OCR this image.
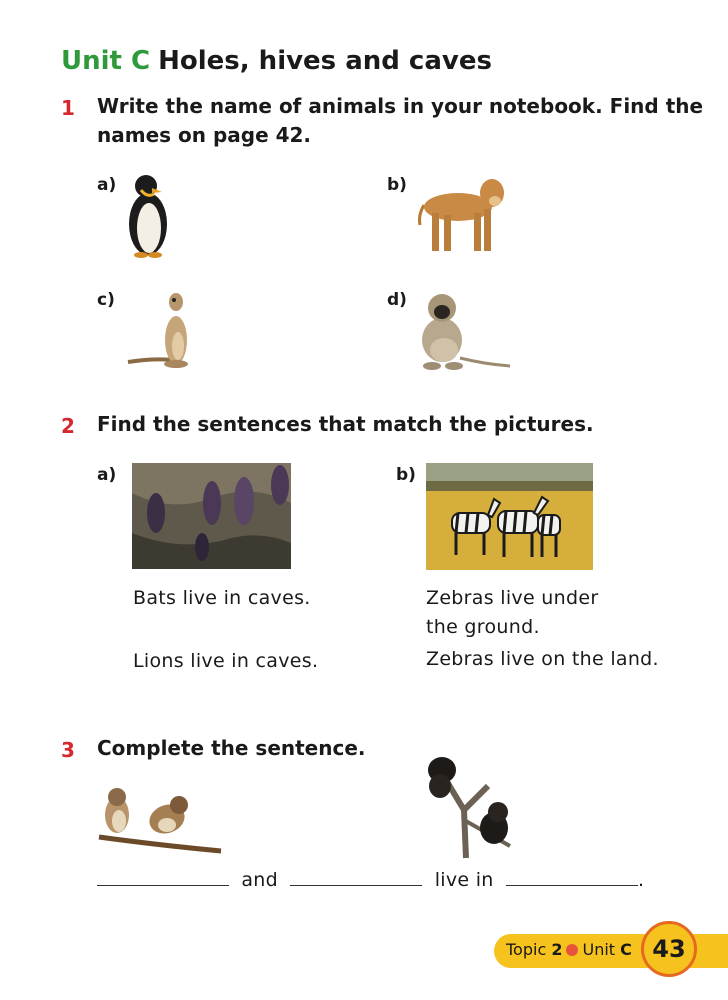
Unit C Holes, hives and caves
1 Write the name of animals in your notebook. Find the
names on page 42.
a)	b)
c)	d)
2 Find the sentences that match the pictures.
a)	b)
Bats live in caves.
Lions live in caves.
Zebras live under
the ground.
Zebras live on the land.
3 Complete the sentence.
and	live in	.
Topic 2 Unit C 43
